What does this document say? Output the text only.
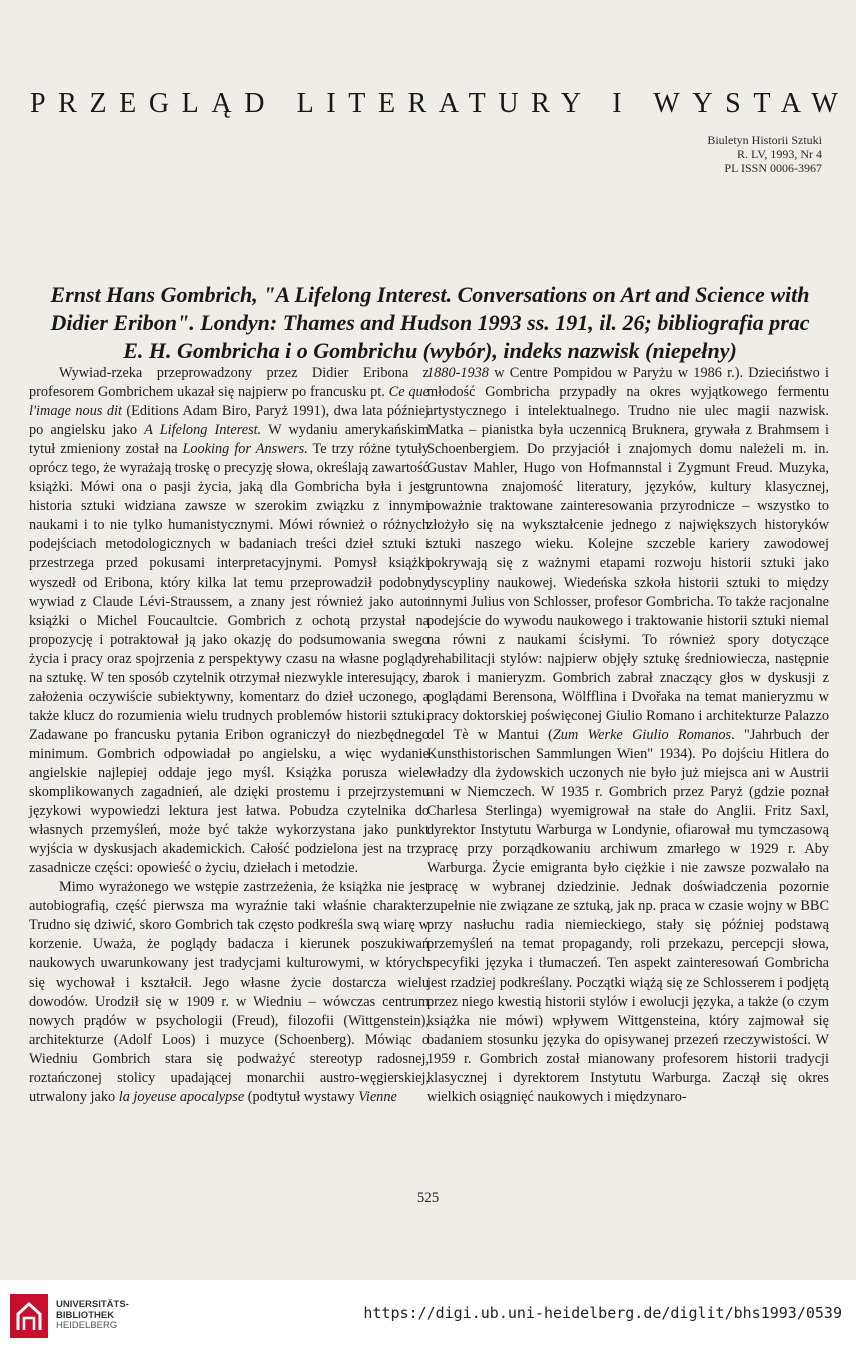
PRZEGLĄD LITERATURY I WYSTAW
Biuletyn Historii Sztuki
R. LV, 1993, Nr 4
PL ISSN 0006-3967
Ernst Hans Gombrich, "A Lifelong Interest. Conversations on Art and Science with Didier Eribon". Londyn: Thames and Hudson 1993 ss. 191, il. 26; bibliografia prac E. H. Gombricha i o Gombrichu (wybór), indeks nazwisk (niepełny)

Wywiad-rzeka przeprowadzony przez Didier Eribona z profesorem Gombrichem ukazał się najpierw po francusku pt. Ce que l'image nous dit (Editions Adam Biro, Paryż 1991), dwa lata później po angielsku jako A Lifelong Interest. W wydaniu amerykańskim tytuł zmieniony został na Looking for Answers. Te trzy różne tytuły oprócz tego, że wyrażają troskę o precyzję słowa, określają zawartość książki. Mówi ona o pasji życia, jaką dla Gombricha była i jest historia sztuki widziana zawsze w szerokim związku z innymi naukami i to nie tylko humanistycznymi. Mówi również o różnych podejściach metodologicznych w badaniach treści dzieł sztuki i przestrzega przed pokusami interpretacyjnymi. Pomysł książki wyszedł od Eribona, który kilka lat temu przeprowadził podobny wywiad z Claude Lévi-Straussem, a znany jest również jako autor książki o Michel Foucaultcie. Gombrich z ochotą przystał na propozycję i potraktował ją jako okazję do podsumowania swego życia i pracy oraz spojrzenia z perspektywy czasu na własne poglądy na sztukę. W ten sposób czytelnik otrzymał niezwykle interesujący, z założenia oczywiście subiektywny, komentarz do dzieł uczonego, a także klucz do rozumienia wielu trudnych problemów historii sztuki. Zadawane po francusku pytania Eribon ograniczył do niezbędnego minimum. Gombrich odpowiadał po angielsku, a więc wydanie angielskie najlepiej oddaje jego myśl. Książka porusza wiele skomplikowanych zagadnień, ale dzięki prostemu i przejrzystemu językowi wypowiedzi lektura jest łatwa. Pobudza czytelnika do własnych przemyśleń, może być także wykorzystana jako punkt wyjścia w dyskusjach akademickich. Całość podzielona jest na trzy zasadnicze części: opowieść o życiu, dziełach i metodzie.

Mimo wyrażonego we wstępie zastrzeżenia, że książka nie jest autobiografią, część pierwsza ma wyraźnie taki właśnie charakter. Trudno się dziwić, skoro Gombrich tak często podkreśla swą wiarę w korzenie. Uważa, że poglądy badacza i kierunek poszukiwań naukowych uwarunkowany jest tradycjami kulturowymi, w których się wychował i kształcił. Jego własne życie dostarcza wielu dowodów. Urodził się w 1909 r. w Wiedniu – wówczas centrum nowych prądów w psychologii (Freud), filozofii (Wittgenstein), architekturze (Adolf Loos) i muzyce (Schoenberg). Mówiąc o Wiedniu Gombrich stara się podważyć stereotyp radosnej, roztańczonej stolicy upadającej monarchii austro-węgierskiej, utrwalony jako la joyeuse apocalypse (podtytuł wystawy Vienne

1880-1938 w Centre Pompidou w Paryżu w 1986 r.). Dzieciństwo i młodość Gombricha przypadły na okres wyjątkowego fermentu artystycznego i intelektualnego. Trudno nie ulec magii nazwisk. Matka – pianistka była uczennicą Bruknera, grywała z Brahmsem i Schoenbergiem. Do przyjaciół i znajomych domu należeli m. in. Gustav Mahler, Hugo von Hofmannstal i Zygmunt Freud. Muzyka, gruntowna znajomość literatury, języków, kultury klasycznej, poważnie traktowane zainteresowania przyrodnicze – wszystko to złożyło się na wykształcenie jednego z największych historyków sztuki naszego wieku. Kolejne szczeble kariery zawodowej pokrywają się z ważnymi etapami rozwoju historii sztuki jako dyscypliny naukowej. Wiedeńska szkoła historii sztuki to między innymi Julius von Schlosser, profesor Gombricha. To także racjonalne podejście do wywodu naukowego i traktowanie historii sztuki niemal na równi z naukami ścisłymi. To również spory dotyczące rehabilitacji stylów: najpierw objęły sztukę średniowiecza, następnie barok i manieryzm. Gombrich zabrał znaczący głos w dyskusji z poglądami Berensona, Wölfflina i Dvořaka na temat manieryzmu w pracy doktorskiej poświęconej Giulio Romano i architekturze Palazzo del Tè w Mantui (Zum Werke Giulio Romanos. "Jahrbuch der Kunsthistorischen Sammlungen Wien" 1934). Po dojściu Hitlera do władzy dla żydowskich uczonych nie było już miejsca ani w Austrii ani w Niemczech. W 1935 r. Gombrich przez Paryż (gdzie poznał Charlesa Sterlinga) wyemigrował na stałe do Anglii. Fritz Saxl, dyrektor Instytutu Warburga w Londynie, ofiarował mu tymczasową pracę przy porządkowaniu archiwum zmarłego w 1929 r. Aby Warburga. Życie emigranta było ciężkie i nie zawsze pozwalało na pracę w wybranej dziedzinie. Jednak doświadczenia pozornie zupełnie nie związane ze sztuką, jak np. praca w czasie wojny w BBC przy nasłuchu radia niemieckiego, stały się później podstawą przemyśleń na temat propagandy, roli przekazu, percepcji słowa, specyfiki języka i tłumaczeń. Ten aspekt zainteresowań Gombricha jest rzadziej podkreślany. Początki wiążą się ze Schlosserem i podjętą przez niego kwestią historii stylów i ewolucji języka, a także (o czym książka nie mówi) wpływem Wittgensteina, który zajmował się badaniem stosunku języka do opisywanej przezeń rzeczywistości. W 1959 r. Gombrich został mianowany profesorem historii tradycji klasycznej i dyrektorem Instytutu Warburga. Zaczął się okres wielkich osiągnięć naukowych i międzynaro-

525
UNIVERSITÄTS-
BIBLIOTHEK
HEIDELBERG
https://digi.ub.uni-heidelberg.de/diglit/bhs1993/0539
